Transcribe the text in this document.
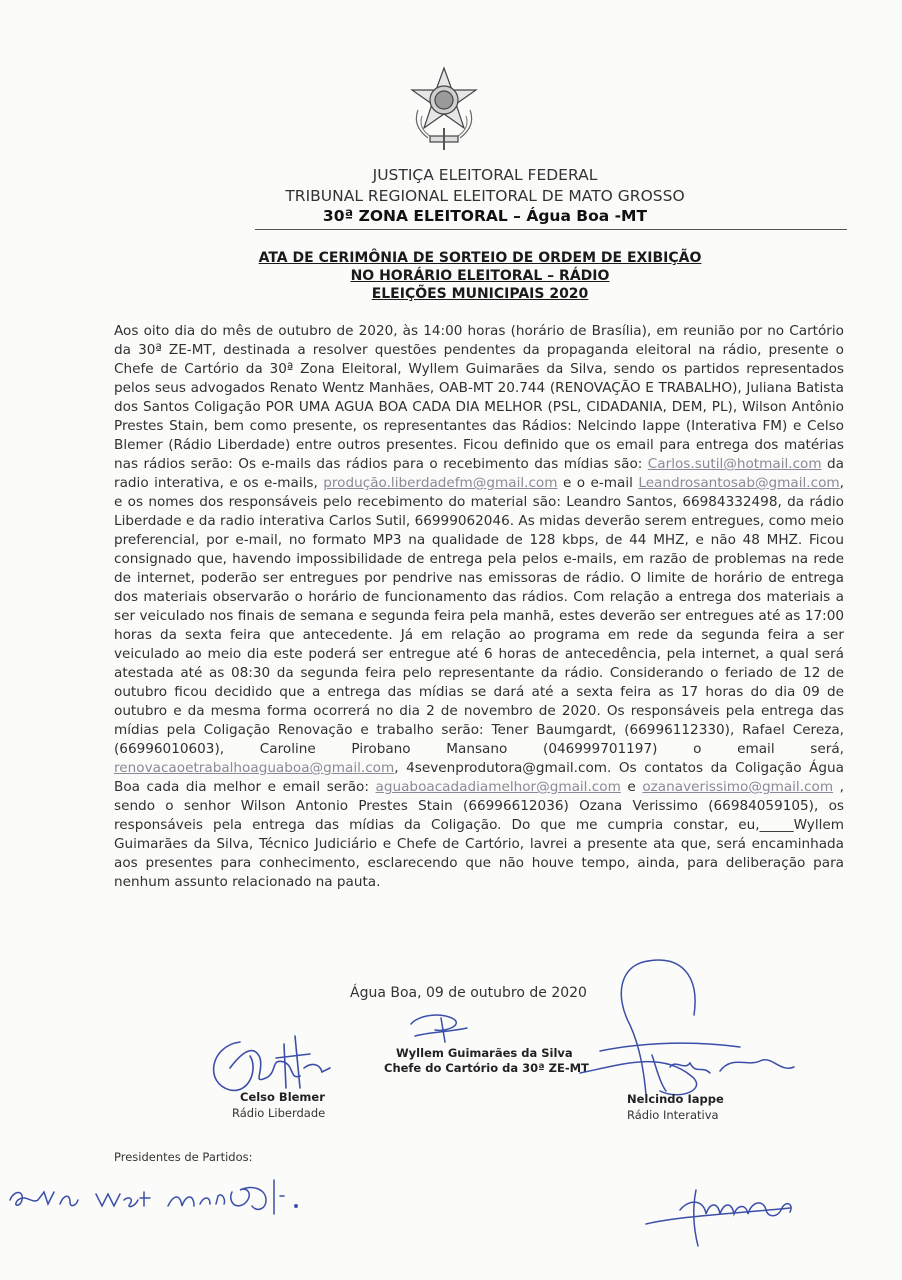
JUSTIÇA ELEITORAL FEDERAL
TRIBUNAL REGIONAL ELEITORAL DE MATO GROSSO
30ª ZONA ELEITORAL – Água Boa -MT
ATA DE CERIMÔNIA DE SORTEIO DE ORDEM DE EXIBIÇÃO
NO HORÁRIO ELEITORAL – RÁDIO
ELEIÇÕES MUNICIPAIS 2020
Aos oito dia do mês de outubro de 2020, às 14:00 horas (horário de Brasília), em reunião por no Cartório da 30ª ZE-MT, destinada a resolver questões pendentes da propaganda eleitoral na rádio, presente o Chefe de Cartório da 30ª Zona Eleitoral, Wyllem Guimarães da Silva, sendo os partidos representados pelos seus advogados Renato Wentz Manhães, OAB-MT 20.744 (RENOVAÇÃO E TRABALHO), Juliana Batista dos Santos Coligação POR UMA AGUA BOA CADA DIA MELHOR (PSL, CIDADANIA, DEM, PL), Wilson Antônio Prestes Stain, bem como presente, os representantes das Rádios: Nelcindo Iappe (Interativa FM) e Celso Blemer (Rádio Liberdade) entre outros presentes. Ficou definido que os email para entrega dos matérias nas rádios serão: Os e-mails das rádios para o recebimento das mídias são: Carlos.sutil@hotmail.com da radio interativa, e os e-mails, produção.liberdadefm@gmail.com e o e-mail Leandrosantosab@gmail.com, e os nomes dos responsáveis pelo recebimento do material são: Leandro Santos, 66984332498, da rádio Liberdade e da radio interativa Carlos Sutil, 66999062046. As midas deverão serem entregues, como meio preferencial, por e-mail, no formato MP3 na qualidade de 128 kbps, de 44 MHZ, e não 48 MHZ. Ficou consignado que, havendo impossibilidade de entrega pela pelos e-mails, em razão de problemas na rede de internet, poderão ser entregues por pendrive nas emissoras de rádio. O limite de horário de entrega dos materiais observarão o horário de funcionamento das rádios. Com relação a entrega dos materiais a ser veiculado nos finais de semana e segunda feira pela manhã, estes deverão ser entregues até as 17:00 horas da sexta feira que antecedente. Já em relação ao programa em rede da segunda feira a ser veiculado ao meio dia este poderá ser entregue até 6 horas de antecedência, pela internet, a qual será atestada até as 08:30 da segunda feira pelo representante da rádio. Considerando o feriado de 12 de outubro ficou decidido que a entrega das mídias se dará até a sexta feira as 17 horas do dia 09 de outubro e da mesma forma ocorrerá no dia 2 de novembro de 2020. Os responsáveis pela entrega das mídias pela Coligação Renovação e trabalho serão: Tener Baumgardt, (66996112330), Rafael Cereza, (66996010603), Caroline Pirobano Mansano (046999701197) o email será, renovacaoetrabalhoaguaboa@gmail.com, 4sevenprodutora@gmail.com. Os contatos da Coligação Água Boa cada dia melhor e email serão: aguaboacadadiamelhor@gmail.com e ozanaverissimo@gmail.com , sendo o senhor Wilson Antonio Prestes Stain (66996612036) Ozana Verissimo (66984059105), os responsáveis pela entrega das mídias da Coligação. Do que me cumpria constar, eu,_____Wyllem Guimarães da Silva, Técnico Judiciário e Chefe de Cartório, lavrei a presente ata que, será encaminhada aos presentes para conhecimento, esclarecendo que não houve tempo, ainda, para deliberação para nenhum assunto relacionado na pauta.
Água Boa, 09 de outubro de 2020
Celso Blemer
Rádio Liberdade
Wyllem Guimarães da Silva
Chefe do Cartório da 30ª ZE-MT
Nelcindo Iappe
Rádio Interativa
Presidentes de Partidos:
